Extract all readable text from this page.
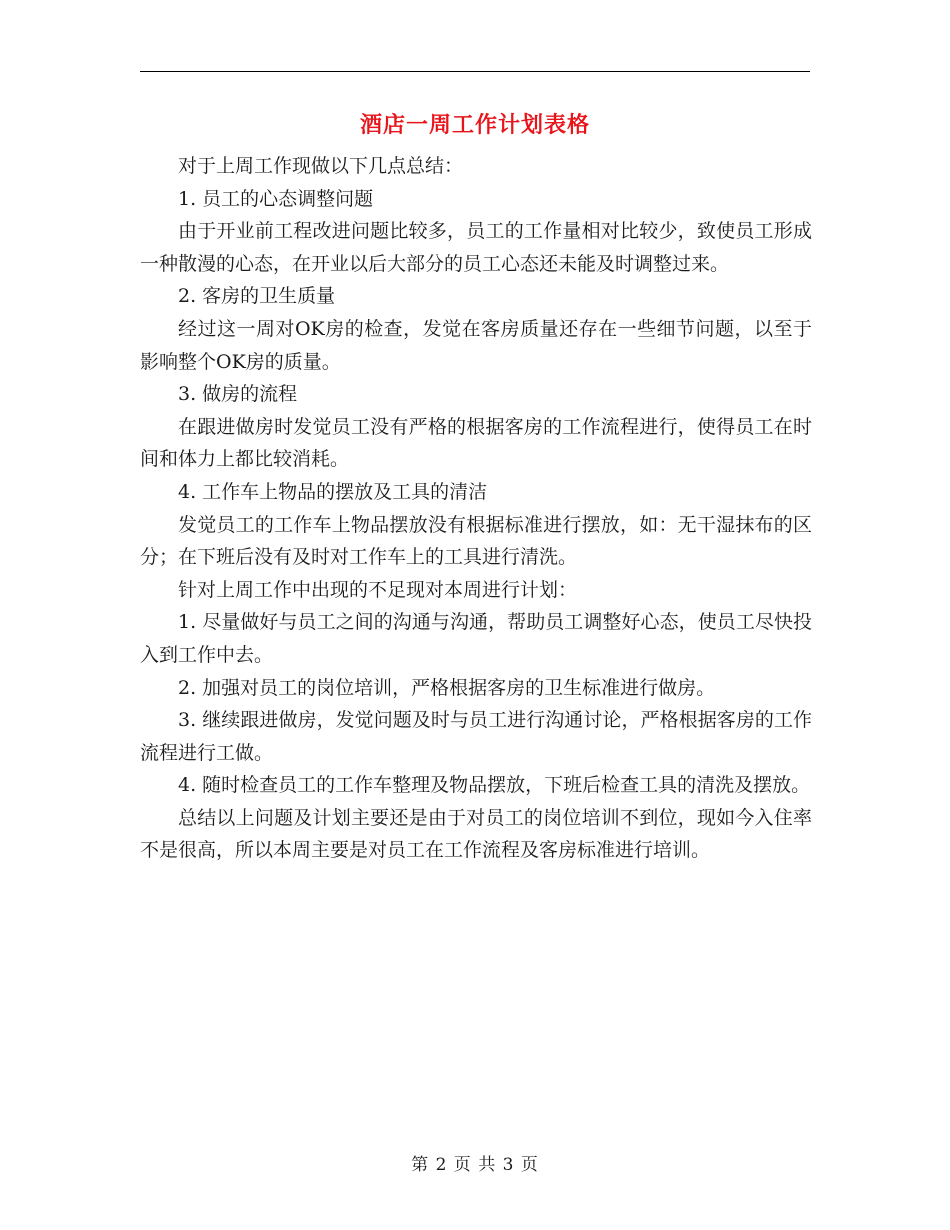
酒店一周工作计划表格

对于上周工作现做以下几点总结：

1. 员工的心态调整问题

由于开业前工程改进问题比较多，员工的工作量相对比较少，致使员工形成一种散漫的心态，在开业以后大部分的员工心态还未能及时调整过来。

2. 客房的卫生质量

经过这一周对OK房的检查，发觉在客房质量还存在一些细节问题，以至于影响整个OK房的质量。

3. 做房的流程

在跟进做房时发觉员工没有严格的根据客房的工作流程进行，使得员工在时间和体力上都比较消耗。

4. 工作车上物品的摆放及工具的清洁

发觉员工的工作车上物品摆放没有根据标准进行摆放，如：无干湿抹布的区分；在下班后没有及时对工作车上的工具进行清洗。

针对上周工作中出现的不足现对本周进行计划：

1. 尽量做好与员工之间的沟通与沟通，帮助员工调整好心态，使员工尽快投入到工作中去。

2. 加强对员工的岗位培训，严格根据客房的卫生标准进行做房。

3. 继续跟进做房，发觉问题及时与员工进行沟通讨论，严格根据客房的工作流程进行工做。

4. 随时检查员工的工作车整理及物品摆放，下班后检查工具的清洗及摆放。

总结以上问题及计划主要还是由于对员工的岗位培训不到位，现如今入住率不是很高，所以本周主要是对员工在工作流程及客房标准进行培训。

第 2 页 共 3 页
